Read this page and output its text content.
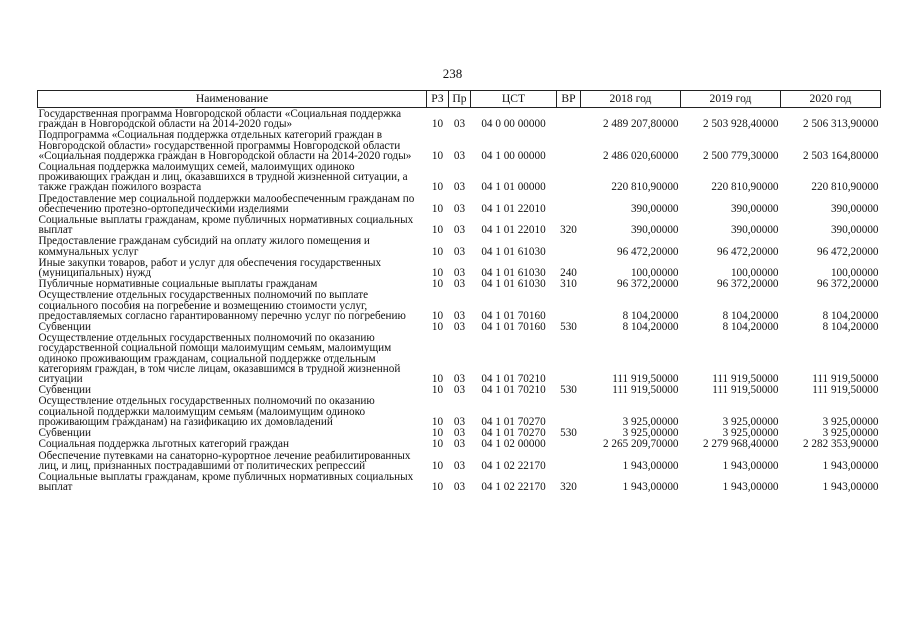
238
Наименование	РЗ	Пр	ЦСТ	ВР	2018 год	2019 год	2020 год
Государственная программа Новгородской области «Социальная поддержка граждан в Новгородской области на 2014-2020 годы»	10	03	04 0 00 00000		2 489 207,80000	2 503 928,40000	2 506 313,90000
Подпрограмма «Социальная поддержка отдельных категорий граждан в Новгородской области» государственной программы Новгородской области «Социальная поддержка граждан в Новгородской области на 2014-2020 годы»	10	03	04 1 00 00000		2 486 020,60000	2 500 779,30000	2 503 164,80000
Социальная поддержка малоимущих семей, малоимущих одиноко проживающих граждан и лиц, оказавшихся в трудной жизненной ситуации, а также граждан пожилого возраста	10	03	04 1 01 00000		220 810,90000	220 810,90000	220 810,90000
Предоставление мер социальной поддержки малообеспеченным гражданам по обеспечению протезно-ортопедическими изделиями	10	03	04 1 01 22010		390,00000	390,00000	390,00000
Социальные выплаты гражданам, кроме публичных нормативных социальных выплат	10	03	04 1 01 22010	320	390,00000	390,00000	390,00000
Предоставление гражданам субсидий на оплату жилого помещения и коммунальных услуг	10	03	04 1 01 61030		96 472,20000	96 472,20000	96 472,20000
Иные закупки товаров, работ и услуг для обеспечения государственных (муниципальных) нужд	10	03	04 1 01 61030	240	100,00000	100,00000	100,00000
Публичные нормативные социальные выплаты гражданам	10	03	04 1 01 61030	310	96 372,20000	96 372,20000	96 372,20000
Осуществление отдельных государственных полномочий по выплате социального пособия на погребение и возмещению стоимости услуг, предоставляемых согласно гарантированному перечню услуг по погребению	10	03	04 1 01 70160		8 104,20000	8 104,20000	8 104,20000
Субвенции	10	03	04 1 01 70160	530	8 104,20000	8 104,20000	8 104,20000
Осуществление отдельных государственных полномочий по оказанию государственной социальной помощи малоимущим семьям, малоимущим одиноко проживающим гражданам, социальной поддержке отдельным категориям граждан, в том числе лицам, оказавшимся в трудной жизненной ситуации	10	03	04 1 01 70210		111 919,50000	111 919,50000	111 919,50000
Субвенции	10	03	04 1 01 70210	530	111 919,50000	111 919,50000	111 919,50000
Осуществление отдельных государственных полномочий по оказанию социальной поддержки малоимущим семьям (малоимущим одиноко проживающим гражданам) на газификацию их домовладений	10	03	04 1 01 70270		3 925,00000	3 925,00000	3 925,00000
Субвенции	10	03	04 1 01 70270	530	3 925,00000	3 925,00000	3 925,00000
Социальная поддержка льготных категорий граждан	10	03	04 1 02 00000		2 265 209,70000	2 279 968,40000	2 282 353,90000
Обеспечение путевками на санаторно-курортное лечение реабилитированных лиц, и лиц, признанных пострадавшими от политических репрессий	10	03	04 1 02 22170		1 943,00000	1 943,00000	1 943,00000
Социальные выплаты гражданам, кроме публичных нормативных социальных выплат	10	03	04 1 02 22170	320	1 943,00000	1 943,00000	1 943,00000
